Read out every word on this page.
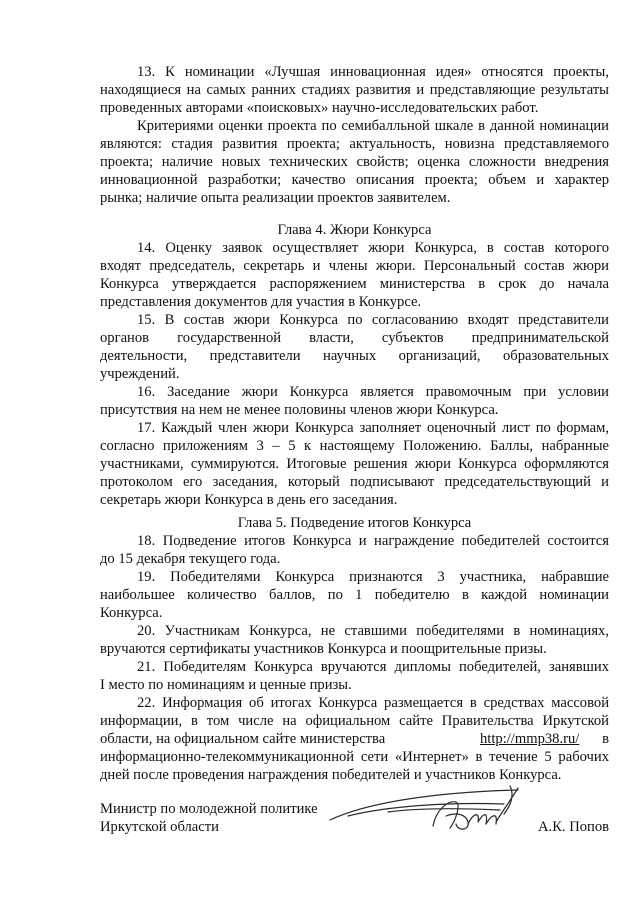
13. К номинации «Лучшая инновационная идея» относятся проекты,
находящиеся на самых ранних стадиях развития и представляющие результаты
проведенных авторами «поисковых» научно-исследовательских работ.
Критериями оценки проекта по семибалльной шкале в данной номинации
являются: стадия развития проекта; актуальность, новизна представляемого
проекта; наличие новых технических свойств; оценка сложности внедрения
инновационной разработки; качество описания проекта; объем и характер
рынка; наличие опыта реализации проектов заявителем.
Глава 4. Жюри Конкурса
14. Оценку заявок осуществляет жюри Конкурса, в состав которого
входят председатель, секретарь и члены жюри. Персональный состав жюри
Конкурса утверждается распоряжением министерства в срок до начала
представления документов для участия в Конкурсе.
15. В состав жюри Конкурса по согласованию входят представители
органов государственной власти, субъектов предпринимательской
деятельности, представители научных организаций, образовательных
учреждений.
16. Заседание жюри Конкурса является правомочным при условии
присутствия на нем не менее половины членов жюри Конкурса.
17. Каждый член жюри Конкурса заполняет оценочный лист по формам,
согласно приложениям 3 – 5 к настоящему Положению. Баллы, набранные
участниками, суммируются. Итоговые решения жюри Конкурса оформляются
протоколом его заседания, который подписывают председательствующий и
секретарь жюри Конкурса в день его заседания.
Глава 5. Подведение итогов Конкурса
18. Подведение итогов Конкурса и награждение победителей состоится
до 15 декабря текущего года.
19. Победителями Конкурса признаются 3 участника, набравшие
наибольшее количество баллов, по 1 победителю в каждой номинации
Конкурса.
20. Участникам Конкурса, не ставшими победителями в номинациях,
вручаются сертификаты участников Конкурса и поощрительные призы.
21. Победителям Конкурса вручаются дипломы победителей, занявших
I место по номинациям и ценные призы.
22. Информация об итогах Конкурса размещается в средствах массовой
информации, в том числе на официальном сайте Правительства Иркутской
области, на официальном сайте министерства	http://mmp38.ru/ в
информационно-телекоммуникационной сети «Интернет» в течение 5 рабочих
дней после проведения награждения победителей и участников Конкурса.
Министр по молодежной политике
Иркутской области	А.К. Попов
